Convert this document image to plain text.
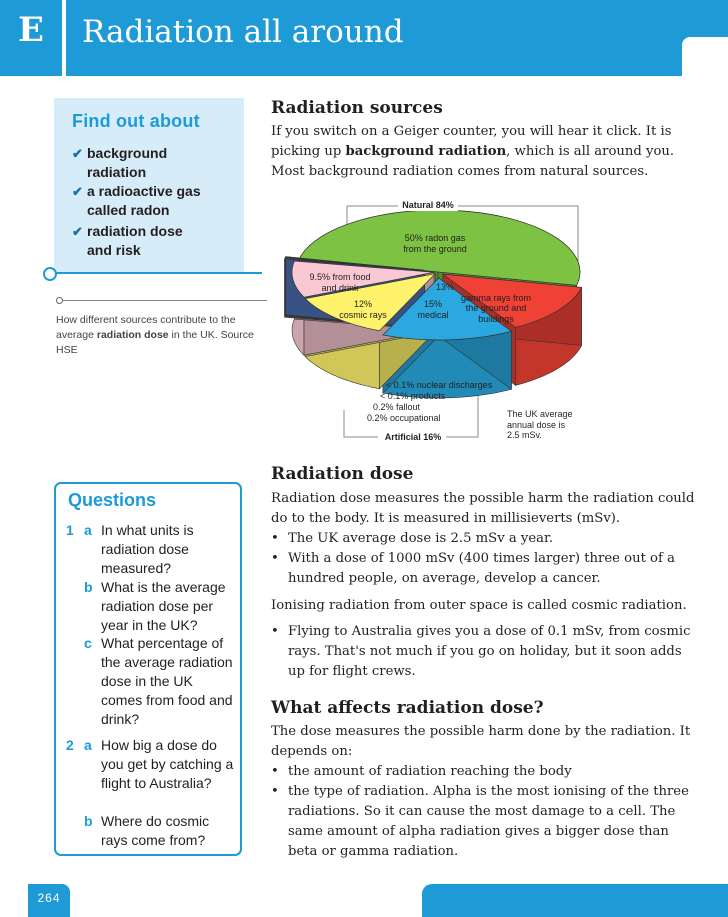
E	Radiation all around
Find out about
✔ background
radiation
✔ a radioactive gas
called radon
✔ radiation dose
and risk
How different sources contribute to the average radiation dose in the UK. Source HSE
Radiation sources
If you switch on a Geiger counter, you will hear it click. It is
picking up background radiation, which is all around you.
Most background radiation comes from natural sources.
Natural 84%
50% radon gas
from the ground
9.5% from food
and drink	13%
gamma rays from
the ground and
buildings
12%
cosmic rays
15%
medical
< 0.1% nuclear discharges
< 0.1% products
0.2% fallout
0.2% occupational
Artificial 16%
The UK average
annual dose is
2.5 mSv.
Radiation dose
Radiation dose measures the possible harm the radiation could
do to the body. It is measured in millisieverts (mSv).
• The UK average dose is 2.5 mSv a year.
• With a dose of 1000 mSv (400 times larger) three out of a
hundred people, on average, develop a cancer.
Ionising radiation from outer space is called cosmic radiation.
• Flying to Australia gives you a dose of 0.1 mSv, from cosmic
rays. That's not much if you go on holiday, but it soon adds
up for flight crews.
What affects radiation dose?
The dose measures the possible harm done by the radiation. It
depends on:
• the amount of radiation reaching the body
• the type of radiation. Alpha is the most ionising of the three
radiations. So it can cause the most damage to a cell. The
same amount of alpha radiation gives a bigger dose than
beta or gamma radiation.
Questions
1 a In what units is radiation dose measured?
b What is the average radiation dose per year in the UK?
c What percentage of the average radiation dose in the UK comes from food and drink?
2 a How big a dose do you get by catching a flight to Australia?
b Where do cosmic rays come from?
264
